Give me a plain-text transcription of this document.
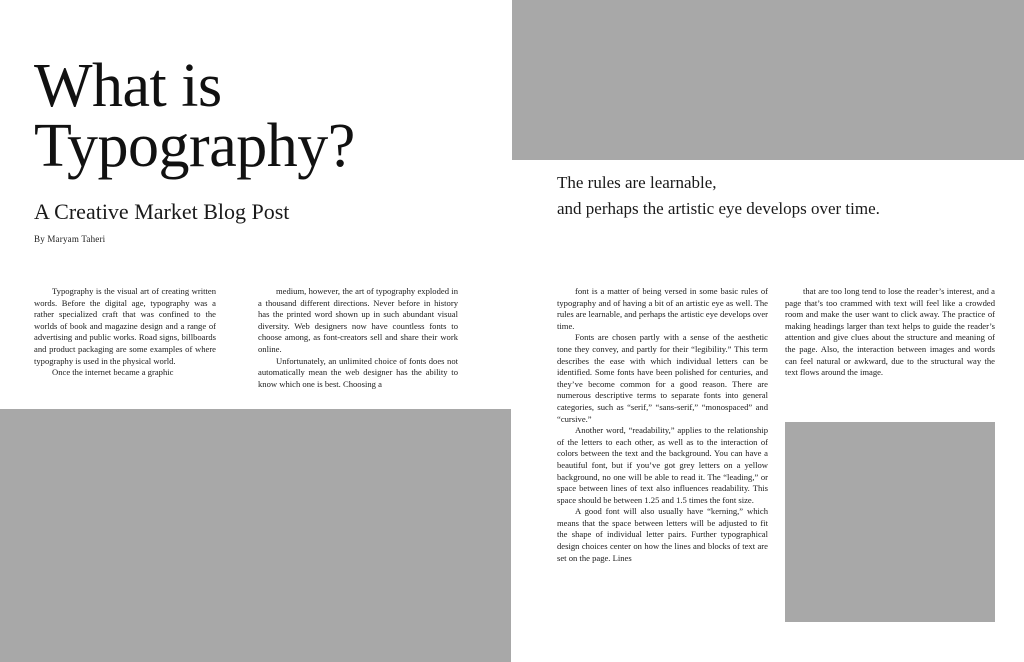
What is
Typography?
A Creative Market Blog Post
By Maryam Taheri
The rules are learnable,
and perhaps the artistic eye develops over time.

Typography is the visual art of creating written words. Before the digital age, typography was a rather specialized craft that was confined to the worlds of book and magazine design and a range of advertising and public works. Road signs, billboards and product packaging are some examples of where typography is used in the physical world.

Once the internet became a graphic

medium, however, the art of typography exploded in a thousand different directions. Never before in history has the printed word shown up in such abundant visual diversity. Web designers now have countless fonts to choose among, as font-creators sell and share their work online.

Unfortunately, an unlimited choice of fonts does not automatically mean the web designer has the ability to know which one is best. Choosing a

font is a matter of being versed in some basic rules of typography and of having a bit of an artistic eye as well. The rules are learnable, and perhaps the artistic eye develops over time.

Fonts are chosen partly with a sense of the aesthetic tone they convey, and partly for their “legibility.” This term describes the ease with which individual letters can be identified. Some fonts have been polished for centuries, and they’ve become common for a good reason. There are numerous descriptive terms to separate fonts into general categories, such as “serif,” “sans-serif,” “monospaced” and “cursive.”

Another word, “readability,” applies to the relationship of the letters to each other, as well as to the interaction of colors between the text and the background. You can have a beautiful font, but if you’ve got grey letters on a yellow background, no one will be able to read it. The “leading,” or space between lines of text also influences readability. This space should be between 1.25 and 1.5 times the font size.

A good font will also usually have “kerning,” which means that the space between letters will be adjusted to fit the shape of individual letter pairs. Further typographical design choices center on how the lines and blocks of text are set on the page. Lines

that are too long tend to lose the reader’s interest, and a page that’s too crammed with text will feel like a crowded room and make the user want to click away. The practice of making headings larger than text helps to guide the reader’s attention and give clues about the structure and meaning of the page. Also, the interaction between images and words can feel natural or awkward, due to the structural way the text flows around the image.
